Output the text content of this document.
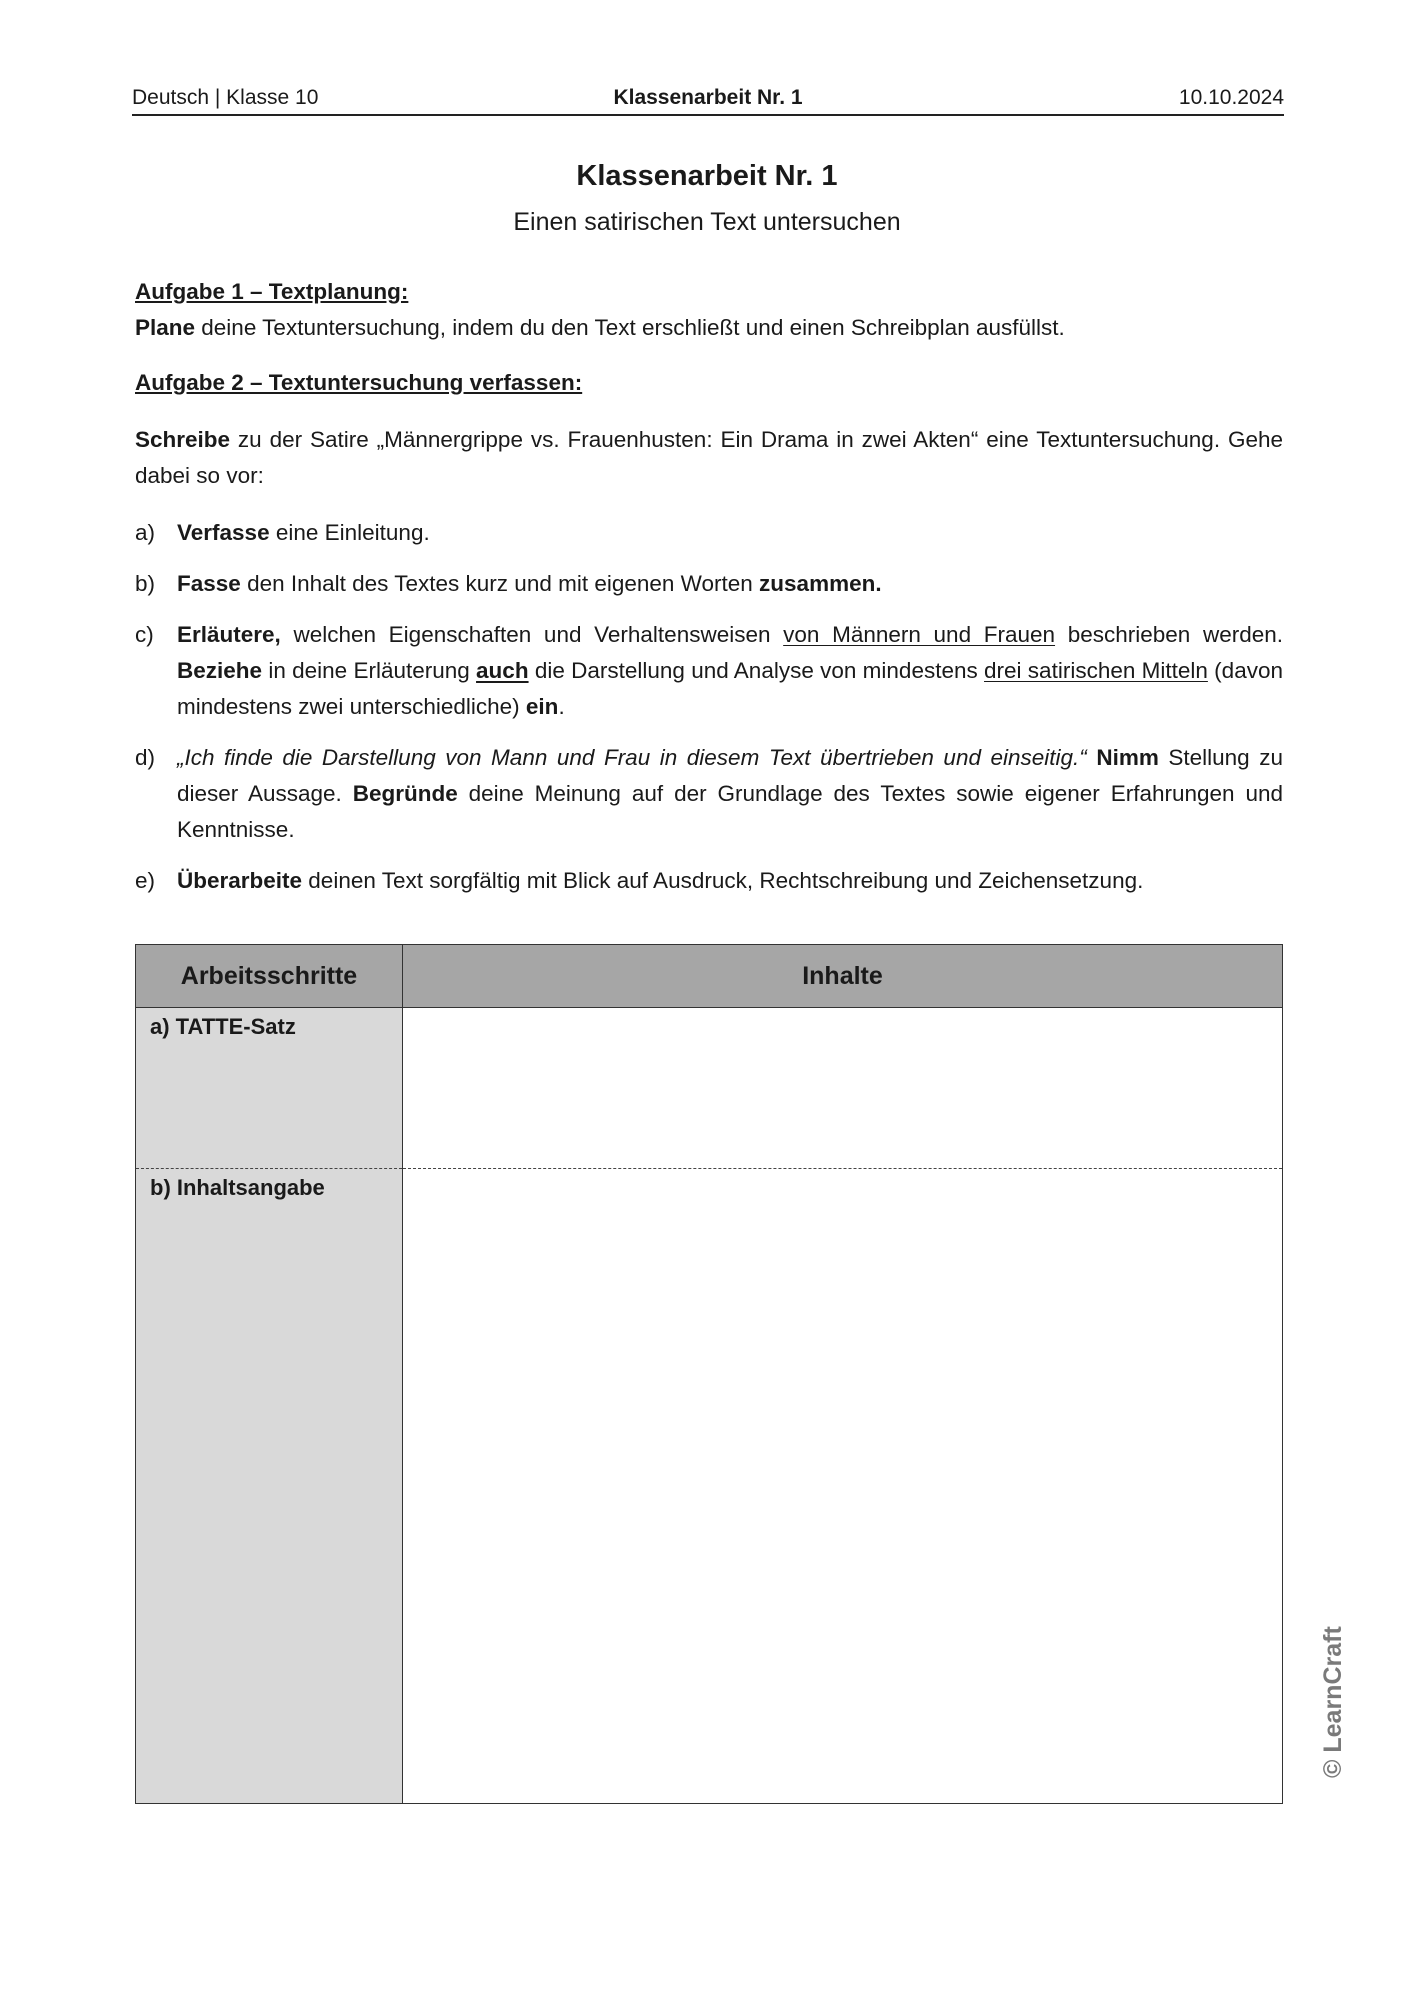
Deutsch | Klasse 10	Klassenarbeit Nr. 1	10.10.2024
Klassenarbeit Nr. 1
Einen satirischen Text untersuchen

Aufgabe 1 – Textplanung:

Plane deine Textuntersuchung, indem du den Text erschließt und einen Schreibplan ausfüllst.

Aufgabe 2 – Textuntersuchung verfassen:

Schreibe zu der Satire „Männergrippe vs. Frauenhusten: Ein Drama in zwei Akten“ eine Textuntersuchung. Gehe dabei so vor:

a) Verfasse eine Einleitung.
b) Fasse den Inhalt des Textes kurz und mit eigenen Worten zusammen.
c)	Erläutere, welchen Eigenschaften und Verhaltensweisen von Männern und Frauen beschrieben werden. Beziehe in deine Erläuterung auch die Darstellung und Analyse von mindestens drei satirischen Mitteln (davon mindestens zwei unterschiedliche) ein.
d) „Ich finde die Darstellung von Mann und Frau in diesem Text übertrieben und einseitig.“ Nimm Stellung zu dieser Aussage. Begründe deine Meinung auf der Grundlage des Textes sowie eigener Erfahrungen und Kenntnisse.
e) Überarbeite deinen Text sorgfältig mit Blick auf Ausdruck, Rechtschreibung und Zeichensetzung.
Arbeitsschritte	Inhalte
a) TATTE-Satz	
b) Inhaltsangabe	
© LearnCraft
